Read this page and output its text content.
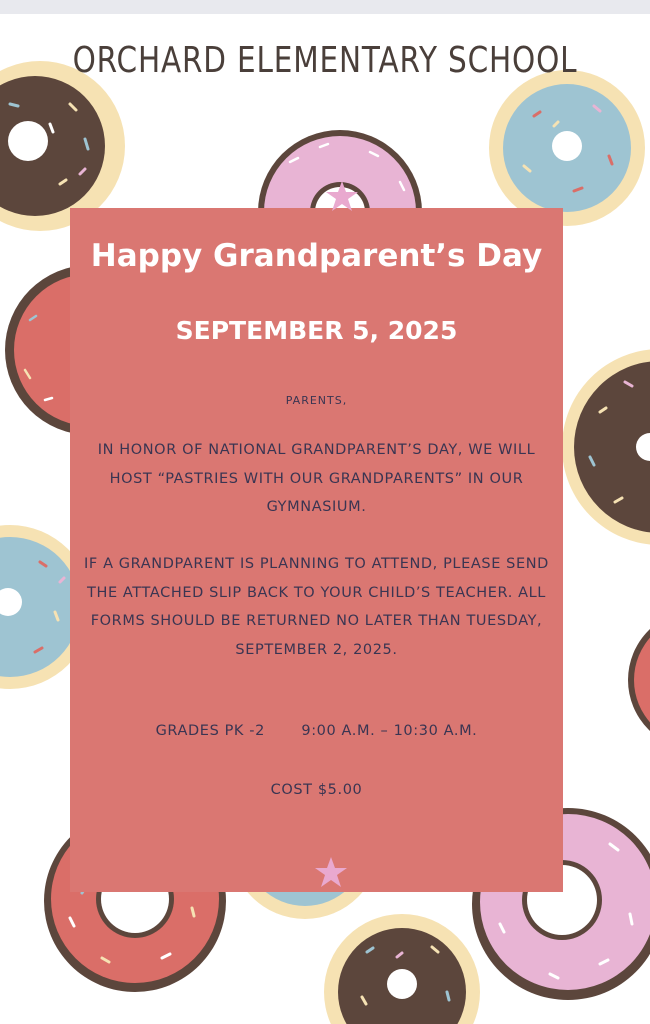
ORCHARD ELEMENTARY SCHOOL
Happy Grandparent’s Day
SEPTEMBER 5, 2025
PARENTS,
IN HONOR OF NATIONAL GRANDPARENT’S DAY, WE WILL HOST “PASTRIES WITH OUR GRANDPARENTS” IN OUR GYMNASIUM.
IF A GRANDPARENT IS PLANNING TO ATTEND, PLEASE SEND THE ATTACHED SLIP BACK TO YOUR CHILD’S TEACHER. ALL FORMS SHOULD BE RETURNED NO LATER THAN TUESDAY, SEPTEMBER 2, 2025.
GRADES PK -2	9:00 A.M. – 10:30 A.M.
COST $5.00
